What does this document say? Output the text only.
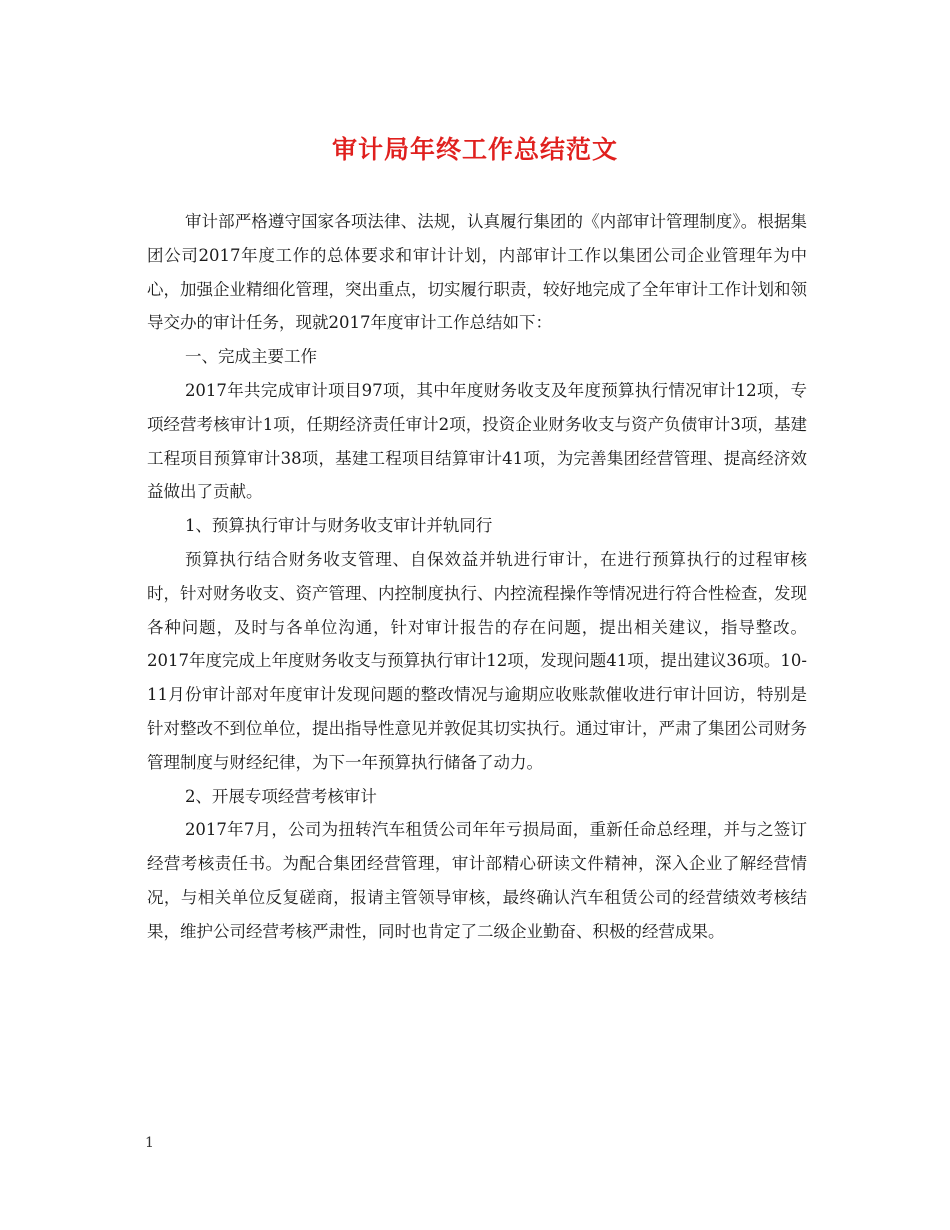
审计局年终工作总结范文

审计部严格遵守国家各项法律、法规，认真履行集团的《内部审计管理制度》。根据集团公司2017年度工作的总体要求和审计计划，内部审计工作以集团公司企业管理年为中心，加强企业精细化管理，突出重点，切实履行职责，较好地完成了全年审计工作计划和领导交办的审计任务，现就2017年度审计工作总结如下：

一、完成主要工作

2017年共完成审计项目97项，其中年度财务收支及年度预算执行情况审计12项，专项经营考核审计1项，任期经济责任审计2项，投资企业财务收支与资产负债审计3项，基建工程项目预算审计38项，基建工程项目结算审计41项，为完善集团经营管理、提高经济效益做出了贡献。

1、预算执行审计与财务收支审计并轨同行

预算执行结合财务收支管理、自保效益并轨进行审计，在进行预算执行的过程审核时，针对财务收支、资产管理、内控制度执行、内控流程操作等情况进行符合性检查，发现各种问题，及时与各单位沟通，针对审计报告的存在问题，提出相关建议，指导整改。2017年度完成上年度财务收支与预算执行审计12项，发现问题41项，提出建议36项。10-11月份审计部对年度审计发现问题的整改情况与逾期应收账款催收进行审计回访，特别是针对整改不到位单位，提出指导性意见并敦促其切实执行。通过审计，严肃了集团公司财务管理制度与财经纪律，为下一年预算执行储备了动力。

2、开展专项经营考核审计

2017年7月，公司为扭转汽车租赁公司年年亏损局面，重新任命总经理，并与之签订经营考核责任书。为配合集团经营管理，审计部精心研读文件精神，深入企业了解经营情况，与相关单位反复磋商，报请主管领导审核，最终确认汽车租赁公司的经营绩效考核结果，维护公司经营考核严肃性，同时也肯定了二级企业勤奋、积极的经营成果。

1
